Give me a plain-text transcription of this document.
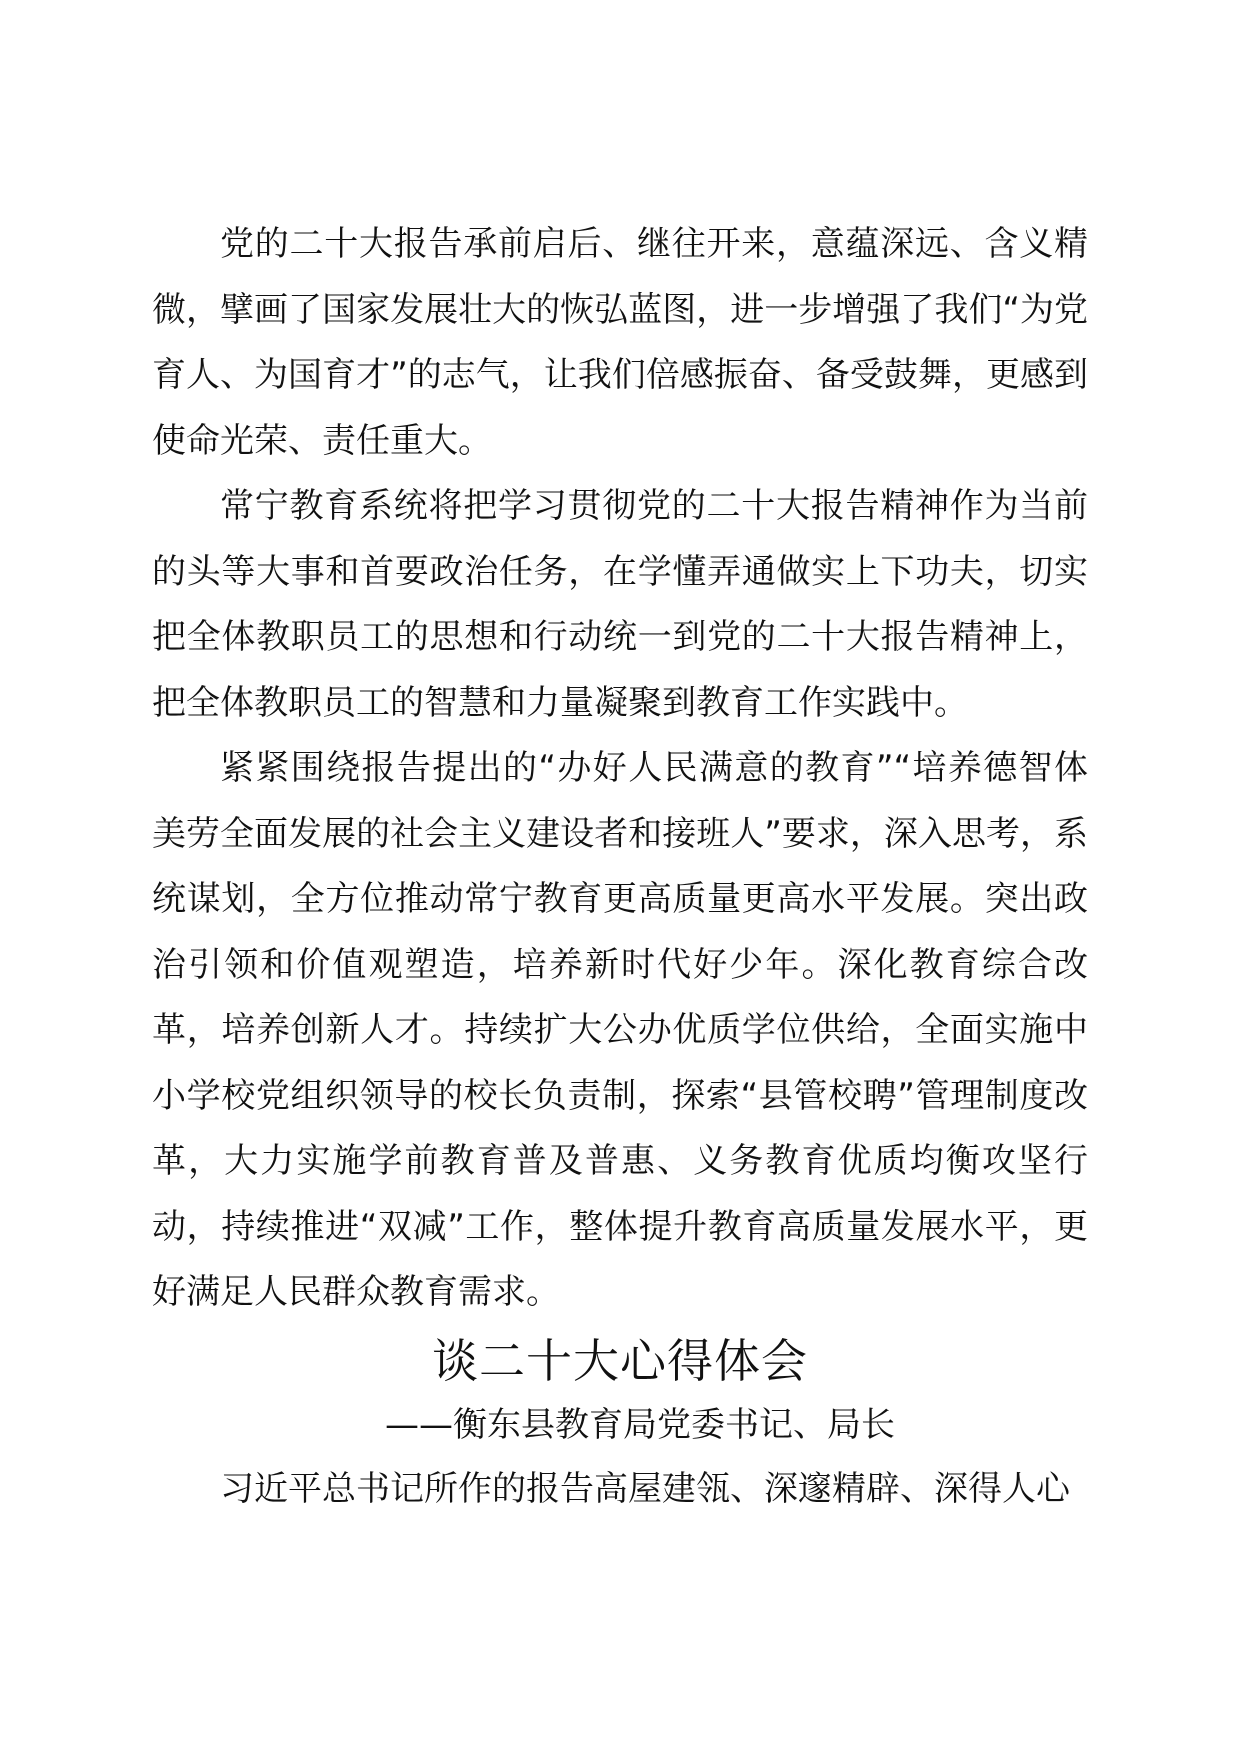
党的二十大报告承前启后、继往开来，意蕴深远、含义精微，擘画了国家发展壮大的恢弘蓝图，进一步增强了我们“为党育人、为国育才”的志气，让我们倍感振奋、备受鼓舞，更感到使命光荣、责任重大。

常宁教育系统将把学习贯彻党的二十大报告精神作为当前的头等大事和首要政治任务，在学懂弄通做实上下功夫，切实把全体教职员工的思想和行动统一到党的二十大报告精神上，把全体教职员工的智慧和力量凝聚到教育工作实践中。

紧紧围绕报告提出的“办好人民满意的教育”“培养德智体美劳全面发展的社会主义建设者和接班人”要求，深入思考，系统谋划，全方位推动常宁教育更高质量更高水平发展。突出政治引领和价值观塑造，培养新时代好少年。深化教育综合改革，培养创新人才。持续扩大公办优质学位供给，全面实施中小学校党组织领导的校长负责制，探索“县管校聘”管理制度改革，大力实施学前教育普及普惠、义务教育优质均衡攻坚行动，持续推进“双减”工作，整体提升教育高质量发展水平，更好满足人民群众教育需求。

谈二十大心得体会

——衡东县教育局党委书记、局长

习近平总书记所作的报告高屋建瓴、深邃精辟、深得人心
